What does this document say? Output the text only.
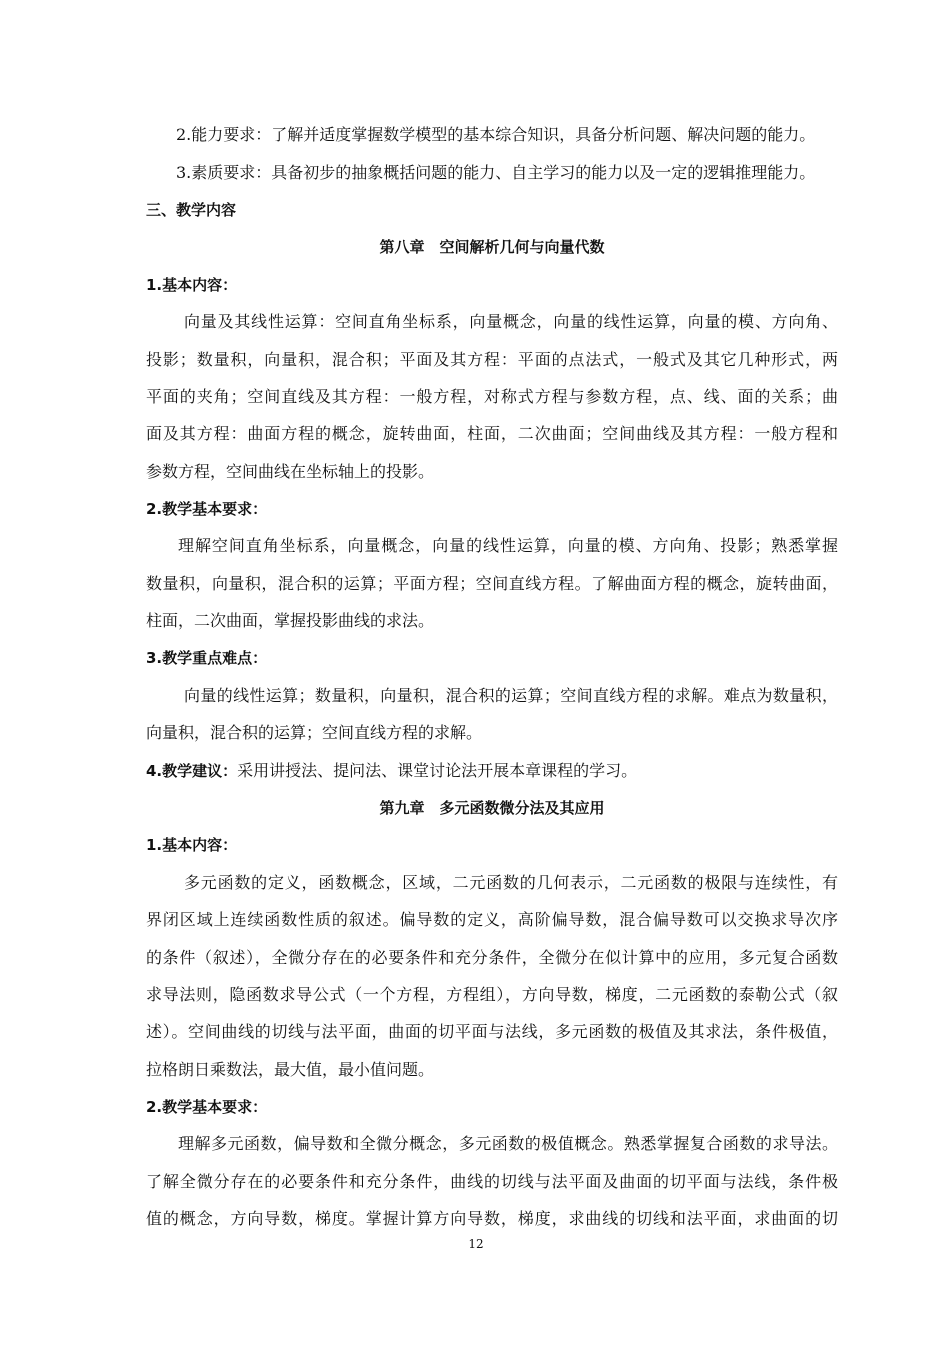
2.能力要求：了解并适度掌握数学模型的基本综合知识，具备分析问题、解决问题的能力。
3.素质要求：具备初步的抽象概括问题的能力、自主学习的能力以及一定的逻辑推理能力。
三、教学内容
第八章　空间解析几何与向量代数
1.基本内容：
向量及其线性运算：空间直角坐标系，向量概念，向量的线性运算，向量的模、方向角、
投影；数量积，向量积，混合积；平面及其方程：平面的点法式，一般式及其它几种形式，两
平面的夹角；空间直线及其方程：一般方程，对称式方程与参数方程，点、线、面的关系；曲
面及其方程：曲面方程的概念，旋转曲面，柱面，二次曲面；空间曲线及其方程：一般方程和
参数方程，空间曲线在坐标轴上的投影。
2.教学基本要求：
理解空间直角坐标系，向量概念，向量的线性运算，向量的模、方向角、投影；熟悉掌握
数量积，向量积，混合积的运算；平面方程；空间直线方程。了解曲面方程的概念，旋转曲面，
柱面，二次曲面，掌握投影曲线的求法。
3.教学重点难点：
向量的线性运算；数量积，向量积，混合积的运算；空间直线方程的求解。难点为数量积，
向量积，混合积的运算；空间直线方程的求解。
4.教学建议：采用讲授法、提问法、课堂讨论法开展本章课程的学习。
第九章　多元函数微分法及其应用
1.基本内容：
多元函数的定义，函数概念，区域，二元函数的几何表示，二元函数的极限与连续性，有
界闭区域上连续函数性质的叙述。偏导数的定义，高阶偏导数，混合偏导数可以交换求导次序
的条件（叙述），全微分存在的必要条件和充分条件，全微分在似计算中的应用，多元复合函数
求导法则，隐函数求导公式（一个方程，方程组），方向导数，梯度，二元函数的泰勒公式（叙
述）。空间曲线的切线与法平面，曲面的切平面与法线，多元函数的极值及其求法，条件极值，
拉格朗日乘数法，最大值，最小值问题。
2.教学基本要求：
理解多元函数，偏导数和全微分概念，多元函数的极值概念。熟悉掌握复合函数的求导法。
了解全微分存在的必要条件和充分条件，曲线的切线与法平面及曲面的切平面与法线，条件极
值的概念，方向导数，梯度。掌握计算方向导数，梯度，求曲线的切线和法平面，求曲面的切
12
